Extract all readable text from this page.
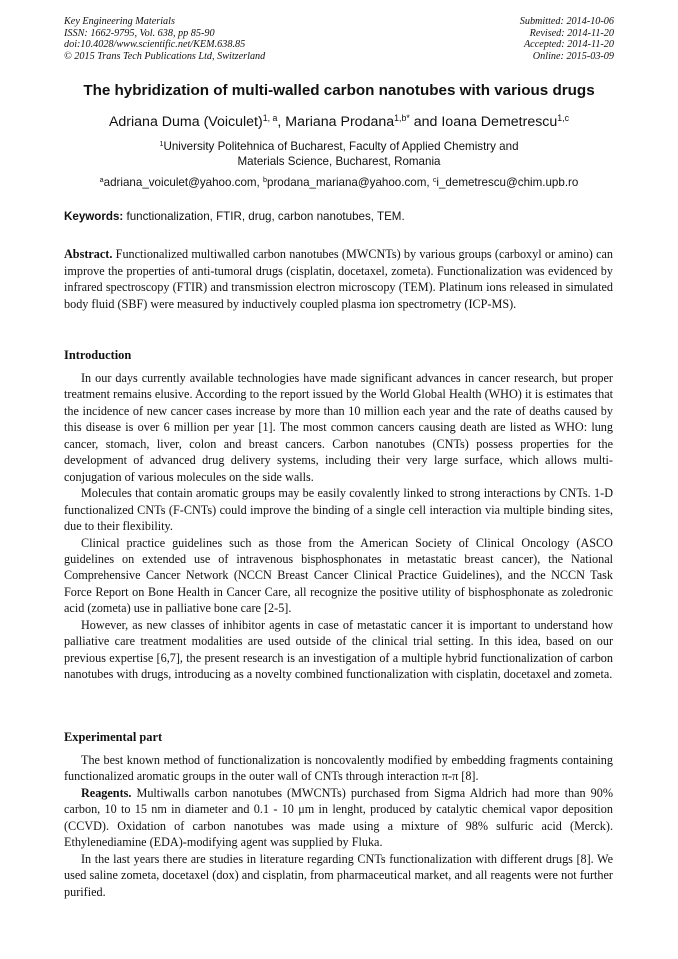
Key Engineering Materials
ISSN: 1662-9795, Vol. 638, pp 85-90
doi:10.4028/www.scientific.net/KEM.638.85
© 2015 Trans Tech Publications Ltd, Switzerland
Submitted: 2014-10-06
Revised: 2014-11-20
Accepted: 2014-11-20
Online: 2015-03-09
The hybridization of multi-walled carbon nanotubes with various drugs
Adriana Duma (Voiculet)$^{1, a}$, Mariana Prodana$^{1,b*}$ and Ioana Demetrescu$^{1,c}$
$^1$University Politehnica of Bucharest, Faculty of Applied Chemistry and
Materials Science, Bucharest, Romania
$^a$adriana_voiculet@yahoo.com, $^b$prodana_mariana@yahoo.com, $^c$i_demetrescu@chim.upb.ro
Keywords: functionalization, FTIR, drug, carbon nanotubes, TEM.
Abstract. Functionalized multiwalled carbon nanotubes (MWCNTs) by various groups (carboxyl or amino) can improve the properties of anti-tumoral drugs (cisplatin, docetaxel, zometa). Functionalization was evidenced by infrared spectroscopy (FTIR) and transmission electron microscopy (TEM). Platinum ions released in simulated body fluid (SBF) were measured by inductively coupled plasma ion spectrometry (ICP-MS).
Introduction

In our days currently available technologies have made significant advances in cancer research, but proper treatment remains elusive. According to the report issued by the World Global Health (WHO) it is estimates that the incidence of new cancer cases increase by more than 10 million each year and the rate of deaths caused by this disease is over 6 million per year [1]. The most common cancers causing death are listed as WHO: lung cancer, stomach, liver, colon and breast cancers. Carbon nanotubes (CNTs) possess properties for the development of advanced drug delivery systems, including their very large surface, which allows multi-conjugation of various molecules on the side walls.

Molecules that contain aromatic groups may be easily covalently linked to strong interactions by CNTs. 1-D functionalized CNTs (F-CNTs) could improve the binding of a single cell interaction via multiple binding sites, due to their flexibility.

Clinical practice guidelines such as those from the American Society of Clinical Oncology (ASCO guidelines on extended use of intravenous bisphosphonates in metastatic breast cancer), the National Comprehensive Cancer Network (NCCN Breast Cancer Clinical Practice Guidelines), and the NCCN Task Force Report on Bone Health in Cancer Care, all recognize the positive utility of bisphosphonate as zoledronic acid (zometa) use in palliative bone care [2-5].

However, as new classes of inhibitor agents in case of metastatic cancer it is important to understand how palliative care treatment modalities are used outside of the clinical trial setting. In this idea, based on our previous expertise [6,7], the present research is an investigation of a multiple hybrid functionalization of carbon nanotubes with drugs, introducing as a novelty combined functionalization with cisplatin, docetaxel and zometa.

Experimental part

The best known method of functionalization is noncovalently modified by embedding fragments containing functionalized aromatic groups in the outer wall of CNTs through interaction π-π [8].

Reagents. Multiwalls carbon nanotubes (MWCNTs) purchased from Sigma Aldrich had more than 90% carbon, 10 to 15 nm in diameter and 0.1 - 10 μm in lenght, produced by catalytic chemical vapor deposition (CCVD). Oxidation of carbon nanotubes was made using a mixture of 98% sulfuric acid (Merck). Ethylenediamine (EDA)-modifying agent was supplied by Fluka.

In the last years there are studies in literature regarding CNTs functionalization with different drugs [8]. We used saline zometa, docetaxel (dox) and cisplatin, from pharmaceutical market, and all reagents were not further purified.
